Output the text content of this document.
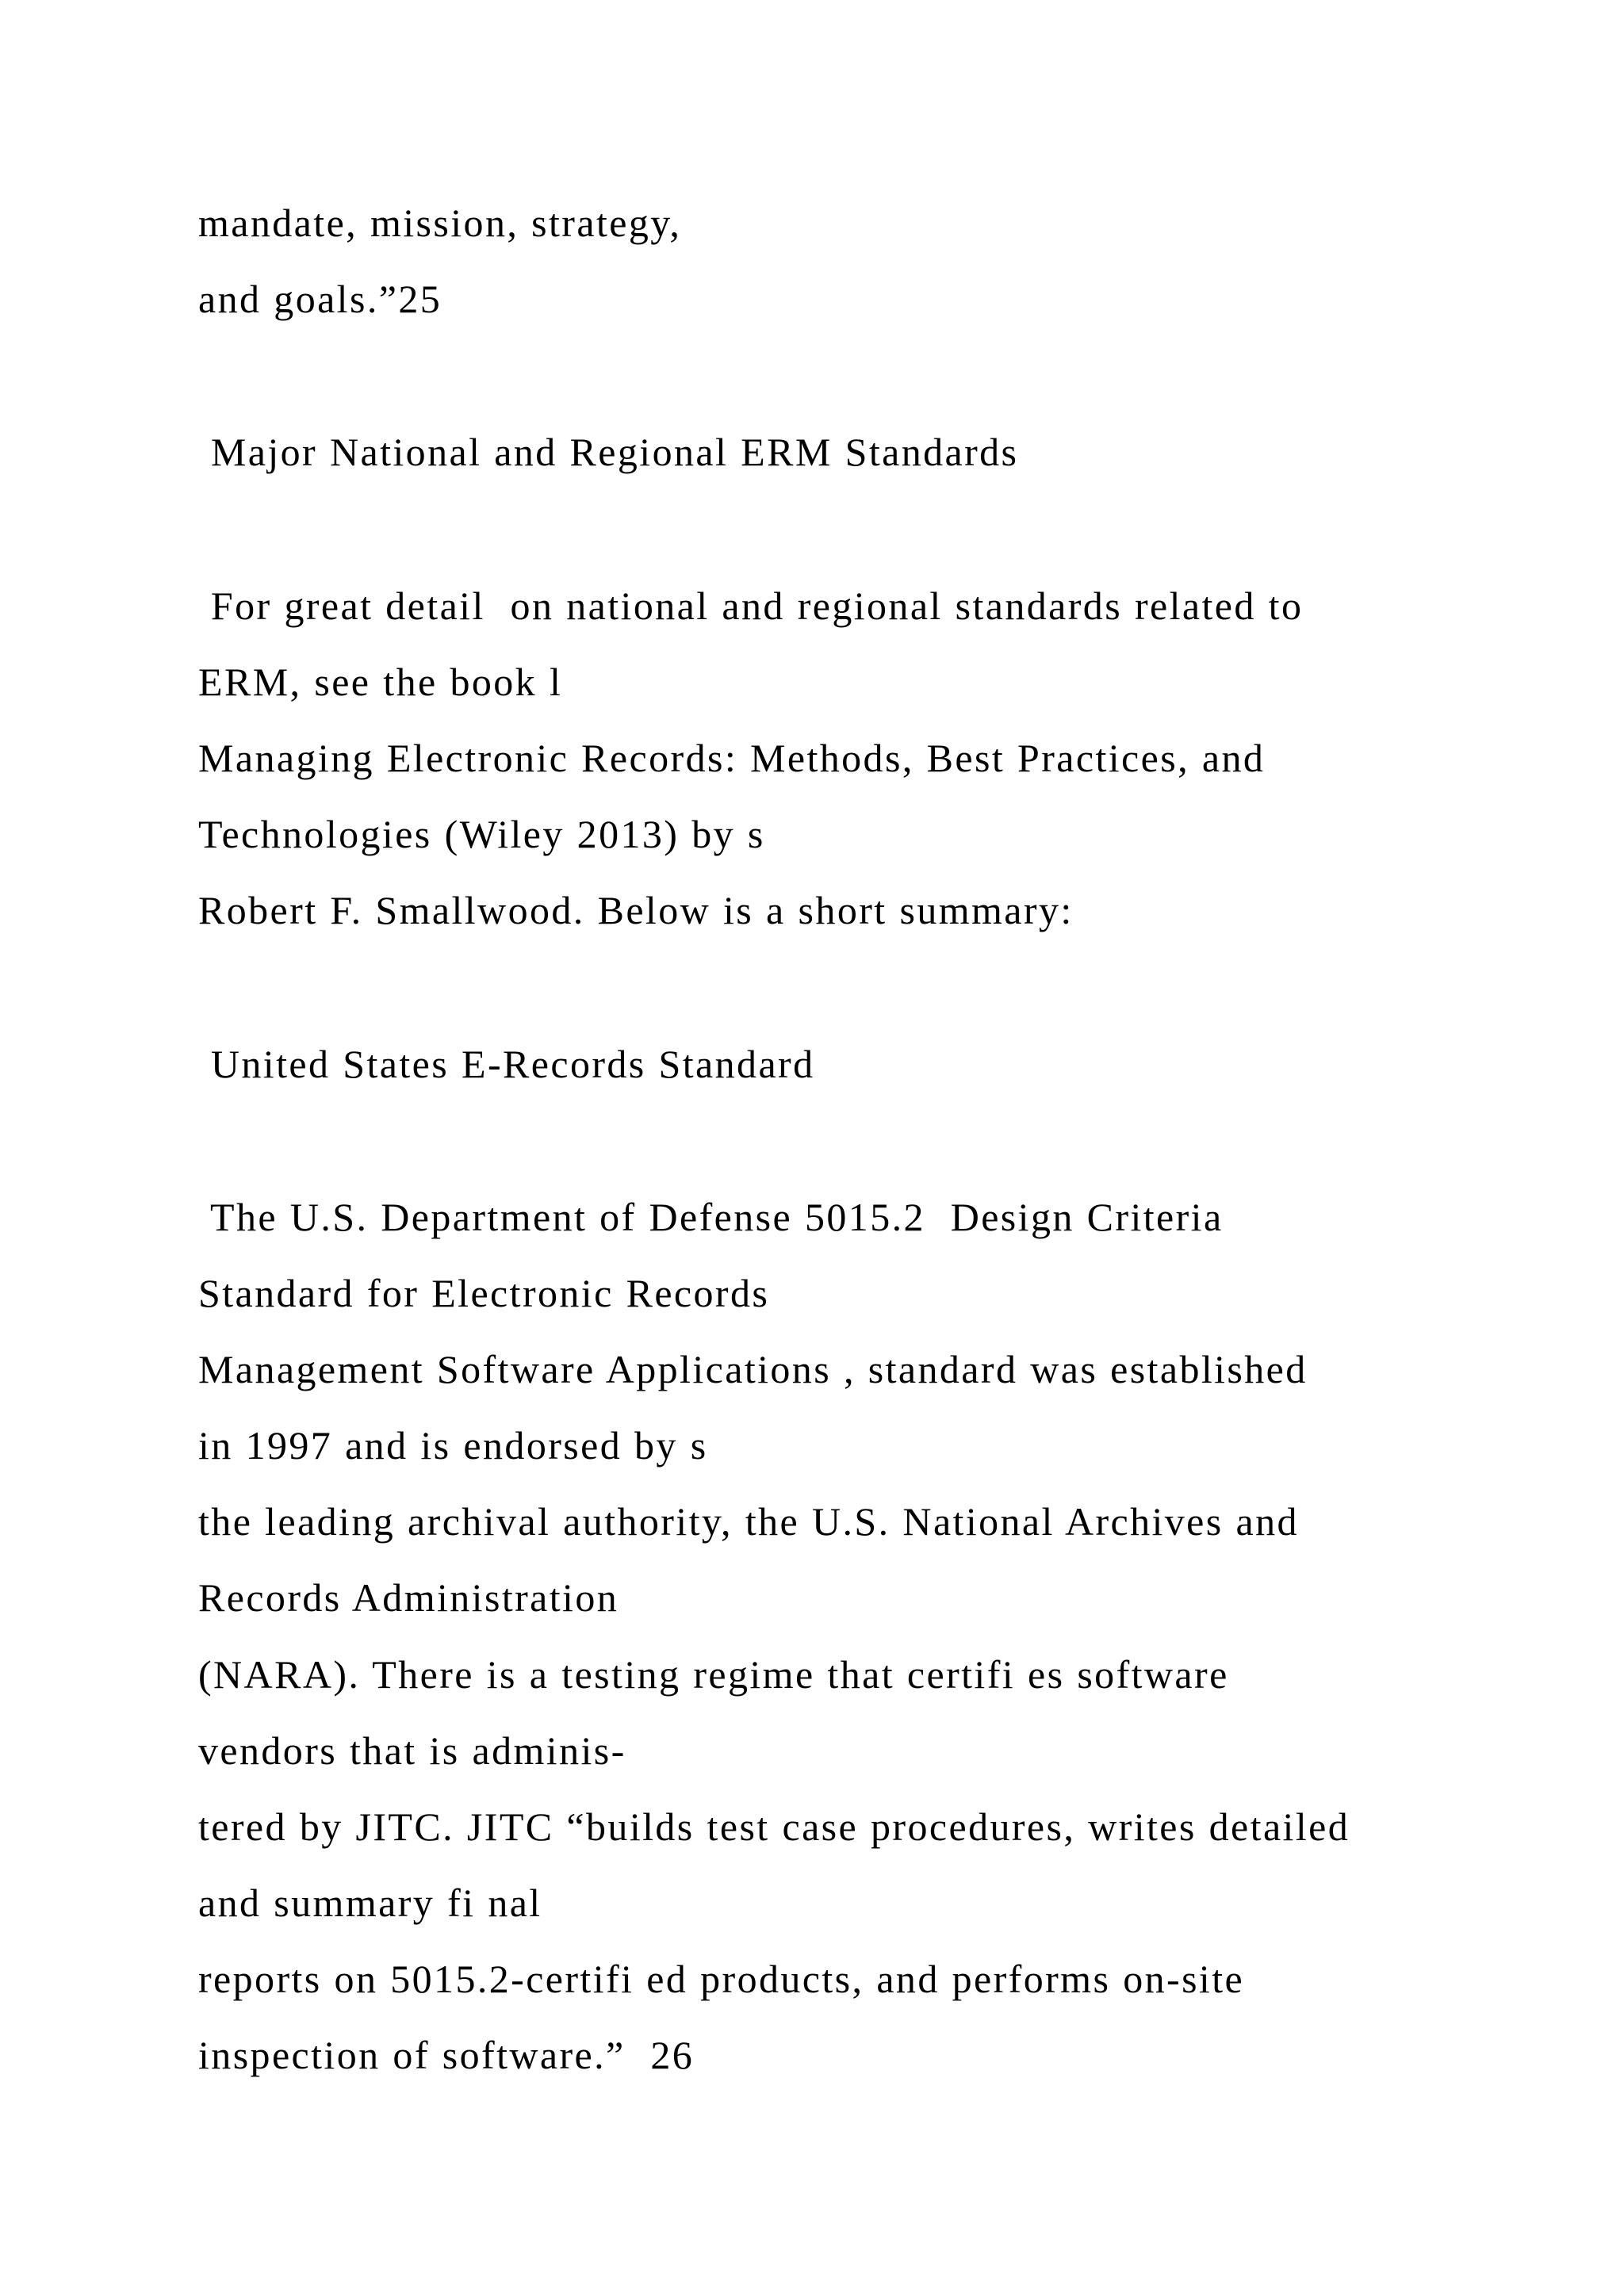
mandate, mission, strategy,

and goals.”25

Major National and Regional ERM Standards

For great detail  on national and regional standards related to

ERM, see the book l

Managing Electronic Records: Methods, Best Practices, and

Technologies (Wiley 2013) by s

Robert F. Smallwood. Below is a short summary:

United States E-Records Standard

The U.S. Department of Defense 5015.2  Design Criteria

Standard for Electronic Records

Management Software Applications , standard was established

in 1997 and is endorsed by s

the leading archival authority, the U.S. National Archives and

Records Administration

(NARA). There is a testing regime that certifi es software

vendors that is adminis-

tered by JITC. JITC “builds test case procedures, writes detailed

and summary fi nal

reports on 5015.2-certifi ed products, and performs on-site

inspection of software.”  26
